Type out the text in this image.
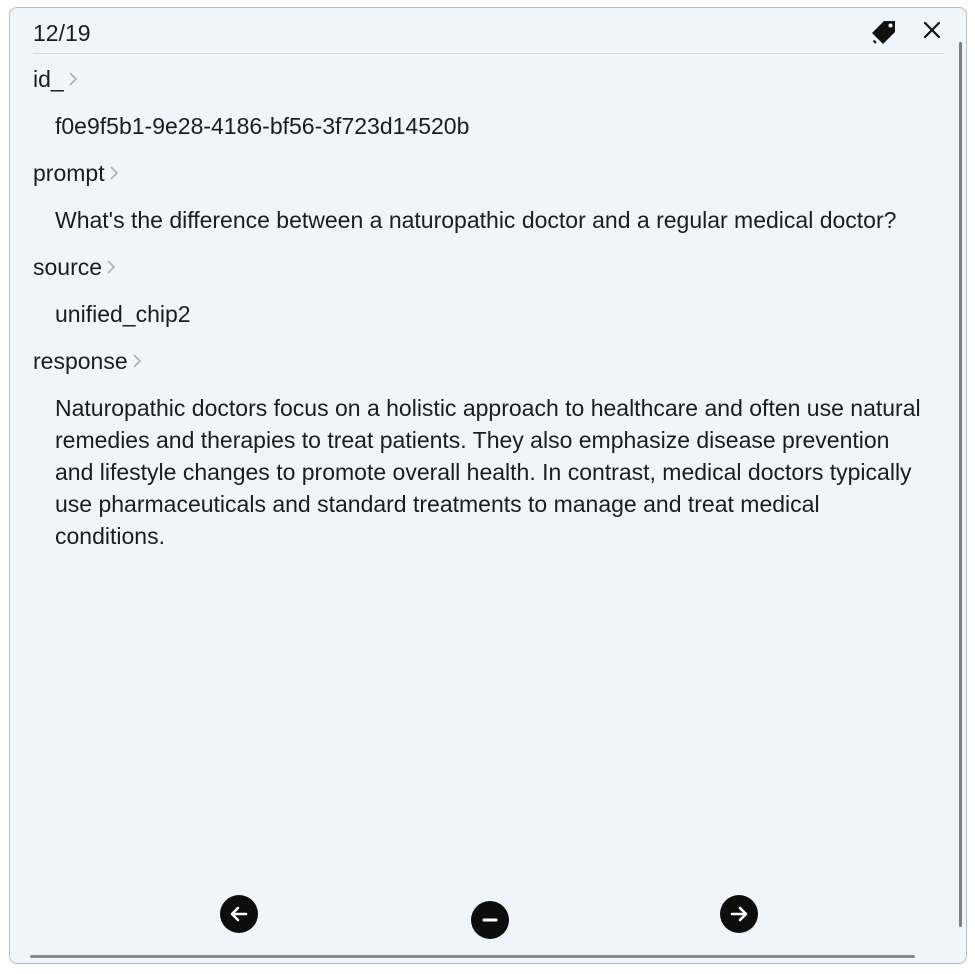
12/19
id_
f0e9f5b1-9e28-4186-bf56-3f723d14520b
prompt
What's the difference between a naturopathic doctor and a regular medical doctor?
source
unified_chip2
response
Naturopathic doctors focus on a holistic approach to healthcare and often use natural remedies and therapies to treat patients. They also emphasize disease prevention and lifestyle changes to promote overall health. In contrast, medical doctors typically use pharmaceuticals and standard treatments to manage and treat medical conditions.
